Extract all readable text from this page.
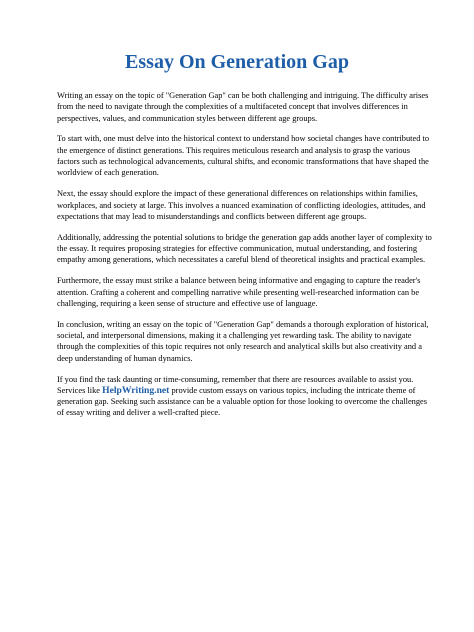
Essay On Generation Gap

Writing an essay on the topic of "Generation Gap" can be both challenging and intriguing. The difficulty arises from the need to navigate through the complexities of a multifaceted concept that involves differences in perspectives, values, and communication styles between different age groups.

To start with, one must delve into the historical context to understand how societal changes have contributed to the emergence of distinct generations. This requires meticulous research and analysis to grasp the various factors such as technological advancements, cultural shifts, and economic transformations that have shaped the worldview of each generation.

Next, the essay should explore the impact of these generational differences on relationships within families, workplaces, and society at large. This involves a nuanced examination of conflicting ideologies, attitudes, and expectations that may lead to misunderstandings and conflicts between different age groups.

Additionally, addressing the potential solutions to bridge the generation gap adds another layer of complexity to the essay. It requires proposing strategies for effective communication, mutual understanding, and fostering empathy among generations, which necessitates a careful blend of theoretical insights and practical examples.

Furthermore, the essay must strike a balance between being informative and engaging to capture the reader's attention. Crafting a coherent and compelling narrative while presenting well-researched information can be challenging, requiring a keen sense of structure and effective use of language.

In conclusion, writing an essay on the topic of "Generation Gap" demands a thorough exploration of historical, societal, and interpersonal dimensions, making it a challenging yet rewarding task. The ability to navigate through the complexities of this topic requires not only research and analytical skills but also creativity and a deep understanding of human dynamics.

If you find the task daunting or time-consuming, remember that there are resources available to assist you. Services like HelpWriting.net provide custom essays on various topics, including the intricate theme of generation gap. Seeking such assistance can be a valuable option for those looking to overcome the challenges of essay writing and deliver a well-crafted piece.
